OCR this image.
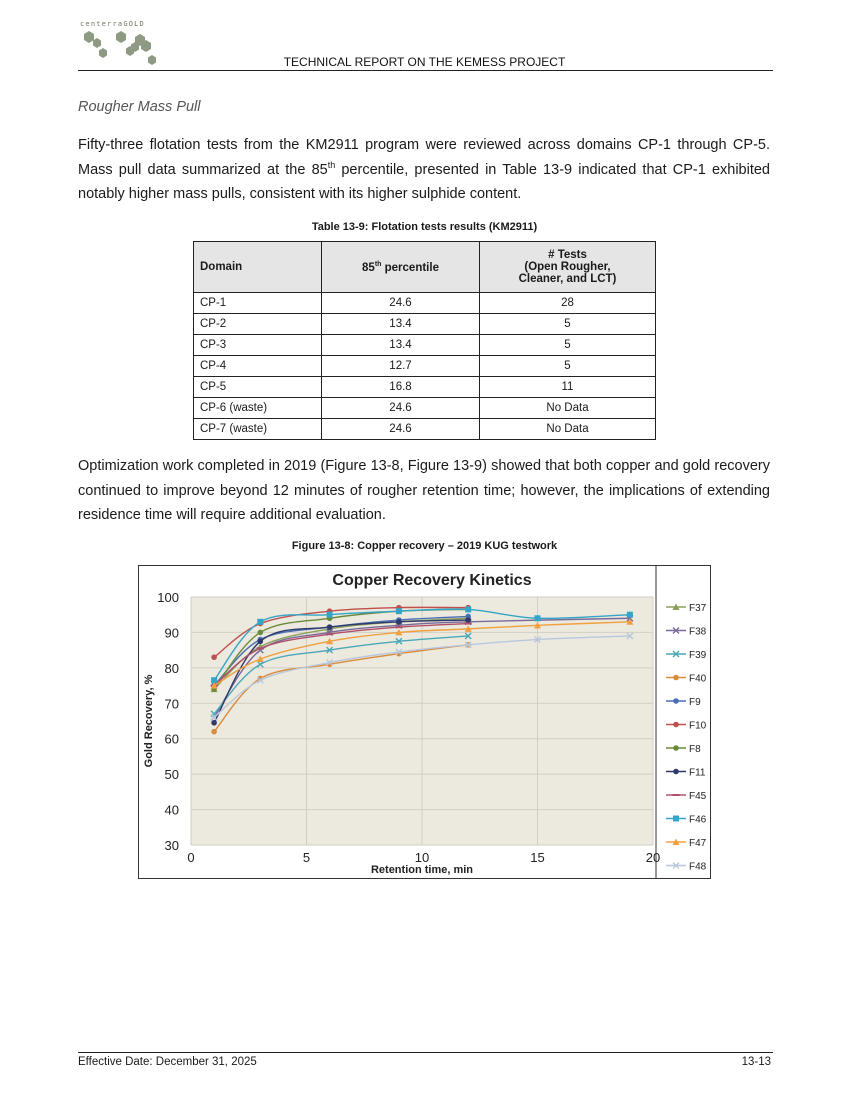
centerraGOLD
TECHNICAL REPORT ON THE KEMESS PROJECT
Rougher Mass Pull

Fifty-three flotation tests from the KM2911 program were reviewed across domains CP-1 through CP-5. Mass pull data summarized at the 85th percentile, presented in Table 13-9 indicated that CP-1 exhibited notably higher mass pulls, consistent with its higher sulphide content.

Table 13-9: Flotation tests results (KM2911)
Domain	85th percentile	# Tests
(Open Rougher,
Cleaner, and LCT)
CP-1	24.6	28
CP-2	13.4	5
CP-3	13.4	5
CP-4	12.7	5
CP-5	16.8	11
CP-6 (waste)	24.6	No Data
CP-7 (waste)	24.6	No Data

Optimization work completed in 2019 (Figure 13-8, Figure 13-9) showed that both copper and gold recovery continued to improve beyond 12 minutes of rougher retention time; however, the implications of extending residence time will require additional evaluation.

Figure 13-8: Copper recovery – 2019 KUG testwork
30
40
50
60
70
80
90
100
0	5	10	15	20
Copper Recovery Kinetics
Retention time, min
Gold Recovery, %
F37
F38
F39
F40
F9
F10
F8
F11
F45
F46
F47
F48
Effective Date: December 31, 2025	13-13
